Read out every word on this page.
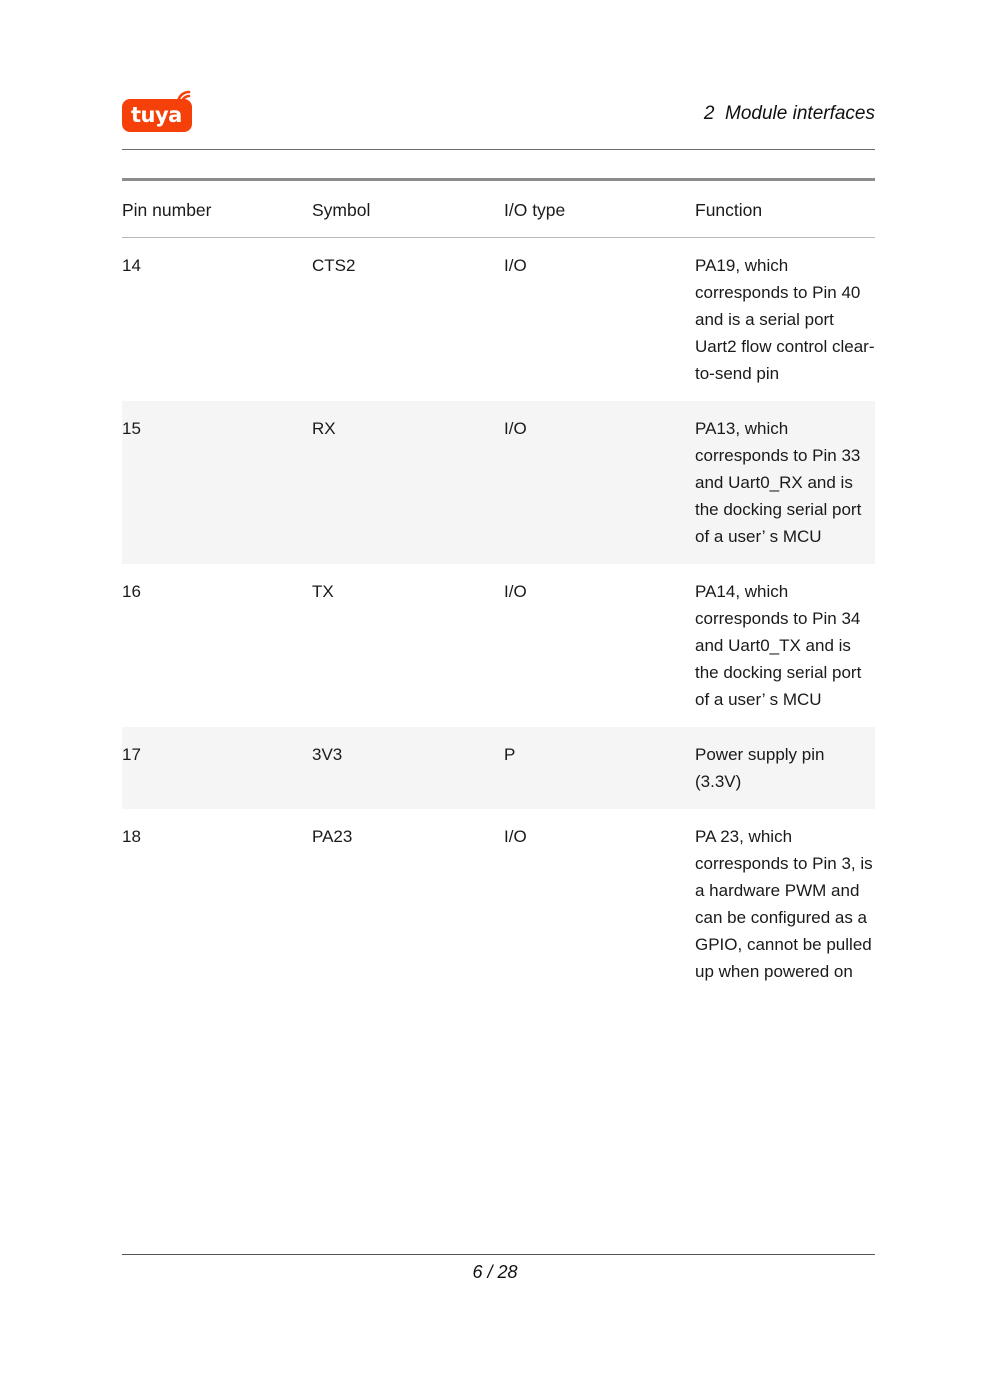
tuya	2  Module interfaces
Pin number	Symbol	I/O type	Function
14	CTS2	I/O	PA19, which corresponds to Pin 40 and is a serial port Uart2 flow control clear-to-send pin
15	RX	I/O	PA13, which corresponds to Pin 33 and Uart0_RX and is the docking serial port of a user’ s MCU
16	TX	I/O	PA14, which corresponds to Pin 34 and Uart0_TX and is the docking serial port of a user’ s MCU
17	3V3	P	Power supply pin (3.3V)
18	PA23	I/O	PA 23, which corresponds to Pin 3, is a hardware PWM and can be configured as a GPIO, cannot be pulled up when powered on
6 / 28
